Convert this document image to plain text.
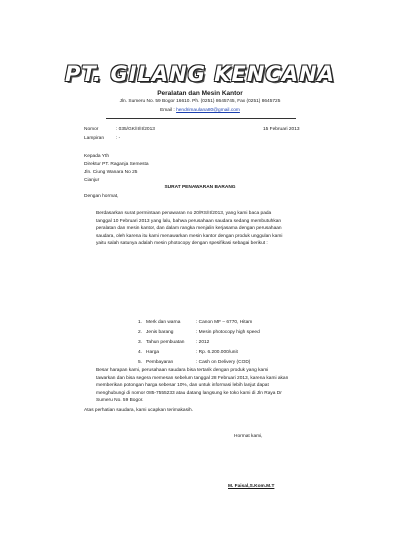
PT. GILANG KENCANA
Peralatan dan Mesin Kantor
Jln. Sumeru No. 59 Bogor 16610. Ph. (0251) 8645745, Fax (0251) 8645725
Email : hendrimaulana80@gmail.com
Nomor	: 035/GK/II/II/2013	15 Februari 2013
Lampiran	: -
Kepada Yth
Direktur PT. Raganja Semesta
Jln. Ciung Wanara No 25
Cianjur
SURAT PENAWARAN BARANG
Dengan hormat,
Berdasarkan surat permintaan penawaran no 20/RS/II/2013, yang kami baca pada
tanggal 10 Februari 2013 yang lalu, bahwa perusahaan saudara sedang membutuhkan
peralatan dan mesin kantor, dan dalam rangka menjalin kerjasama dengan perusahaan
saudara, oleh karena itu kami menawarkan mesin kantor dengan produk unggulan kami
yaitu salah satunya adalah mesin photocopy dengan spesifikasi sebagai berikut :
1. Merk dan warna	: Canon MF – 6770, Hitam
2. Jenis barang	: Mesin photocopy high speed
3. Tahun pembuatan : 2012
4. Harga	: Rp. 6.200.000/unit
5. Pembayaran	: Cash on Delivery (COD)
Besar harapan kami, perusahaan saudara bisa tertarik dengan produk yang kami
tawarkan dan bisa segera memesan sebelum tanggal 28 Februari 2013, karena kami akan
memberikan potongan harga sebesar 10%, dan untuk informasi lebih lanjut dapat
menghubungi di nomor 085-7555233 atau datang langsung ke toko kami di Jln Raya Dr
Sumeru No. 59 Bogor.
Atas perhatian saudara, kami ucapkan terimakasih.
Hormat kami,
M. Faisal,S.Kom.M.T
